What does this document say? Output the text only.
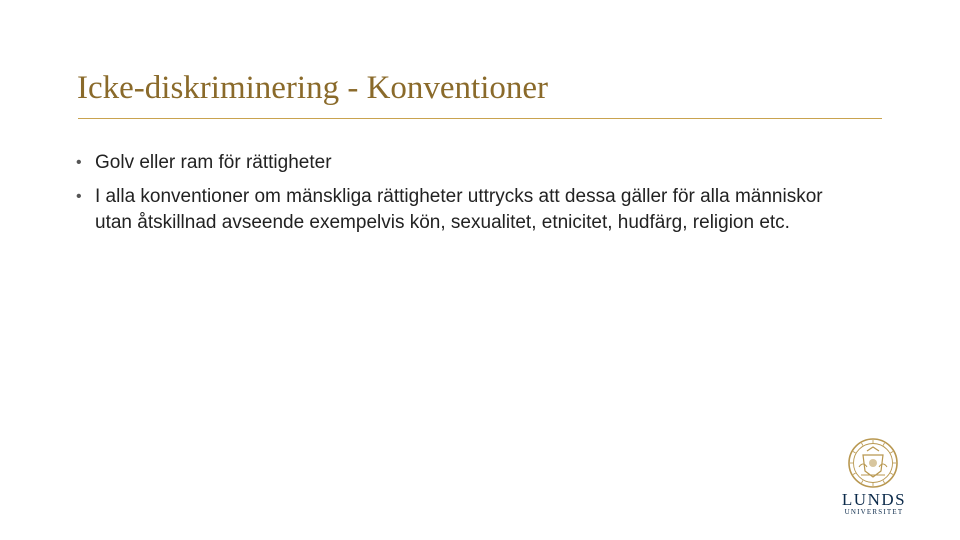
Icke-diskriminering - Konventioner
• Golv eller ram för rättigheter
• I alla konventioner om mänskliga rättigheter uttrycks att dessa gäller för alla människor utan åtskillnad avseende exempelvis kön, sexualitet, etnicitet, hudfärg, religion etc.
LUNDS
UNIVERSITET
